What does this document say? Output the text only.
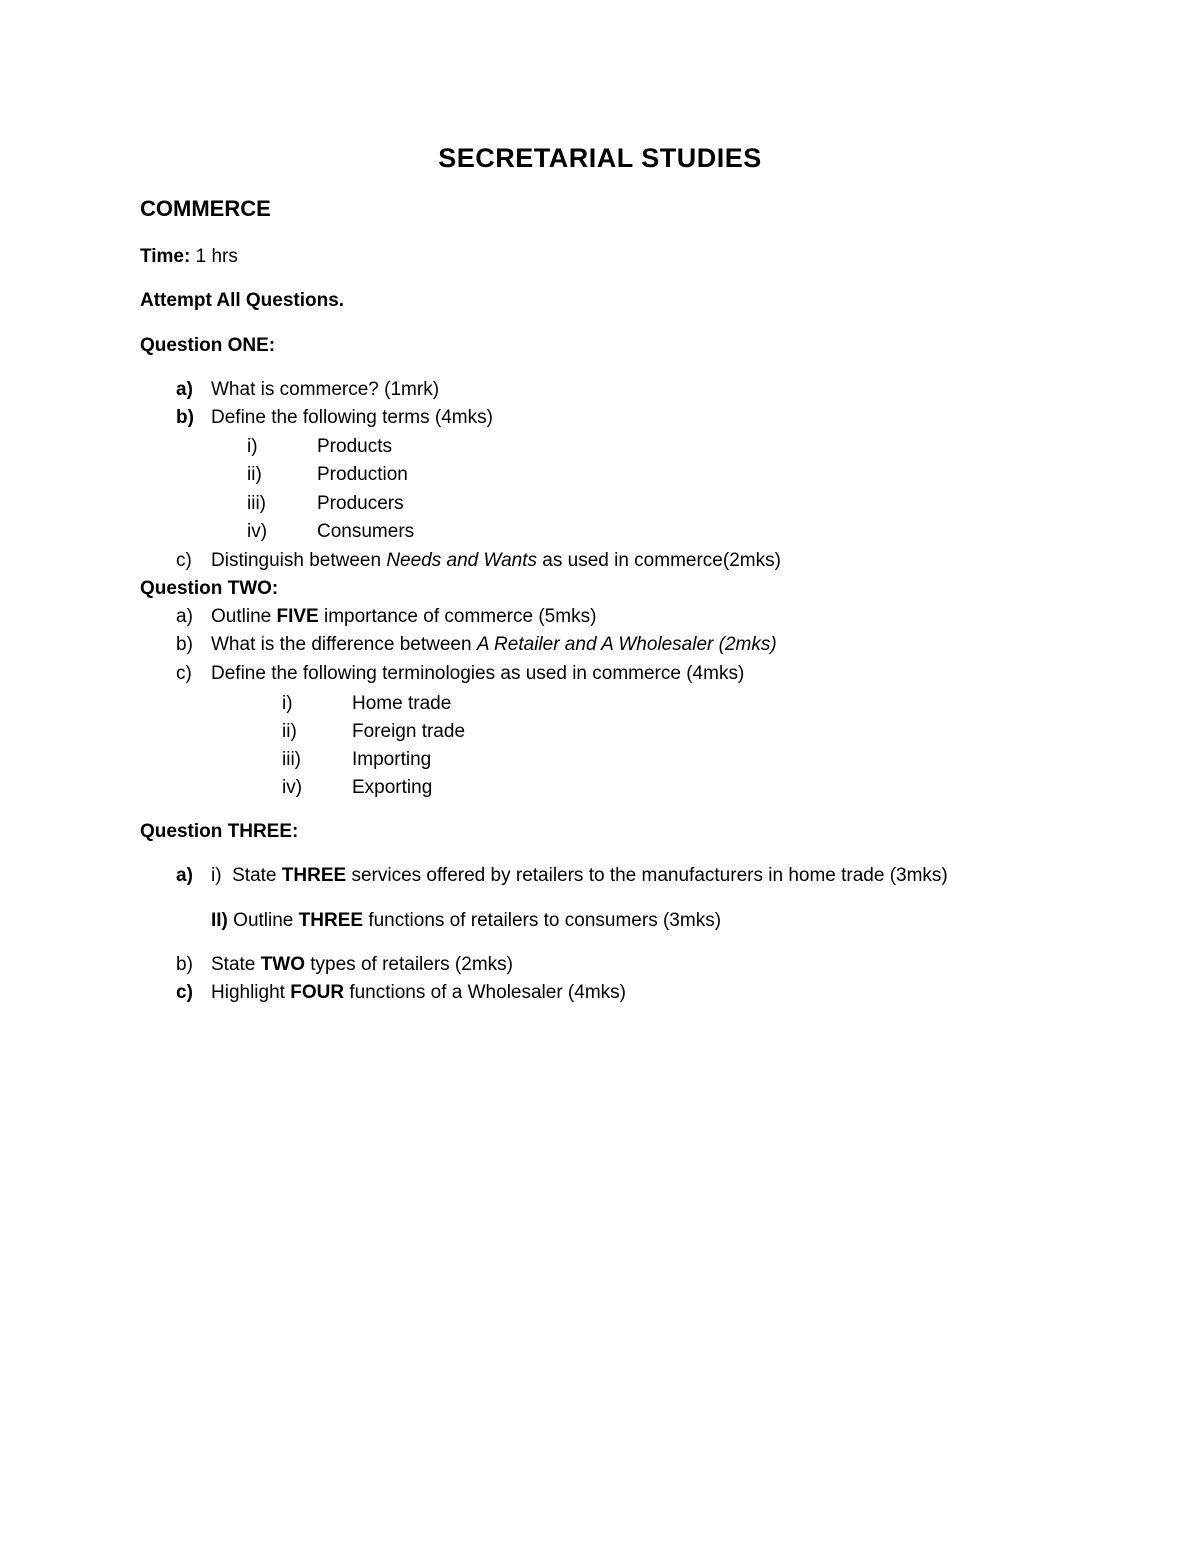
SECRETARIAL STUDIES
COMMERCE
Time: 1 hrs
Attempt All Questions.
Question ONE:
a) What is commerce? (1mrk)
b) Define the following terms (4mks)
i)	Products
ii)	Production
iii)	Producers
iv)	Consumers
c) Distinguish between Needs and Wants as used in commerce(2mks)
Question TWO:
a) Outline FIVE importance of commerce (5mks)
b) What is the difference between A Retailer and A Wholesaler (2mks)
c) Define the following terminologies as used in commerce (4mks)
i)	Home trade
ii)	Foreign trade
iii)	Importing
iv)	Exporting
Question THREE:
a) i) State THREE services offered by retailers to the manufacturers in home trade (3mks)
II) Outline THREE functions of retailers to consumers (3mks)
b) State TWO types of retailers (2mks)
c) Highlight FOUR functions of a Wholesaler (4mks)
